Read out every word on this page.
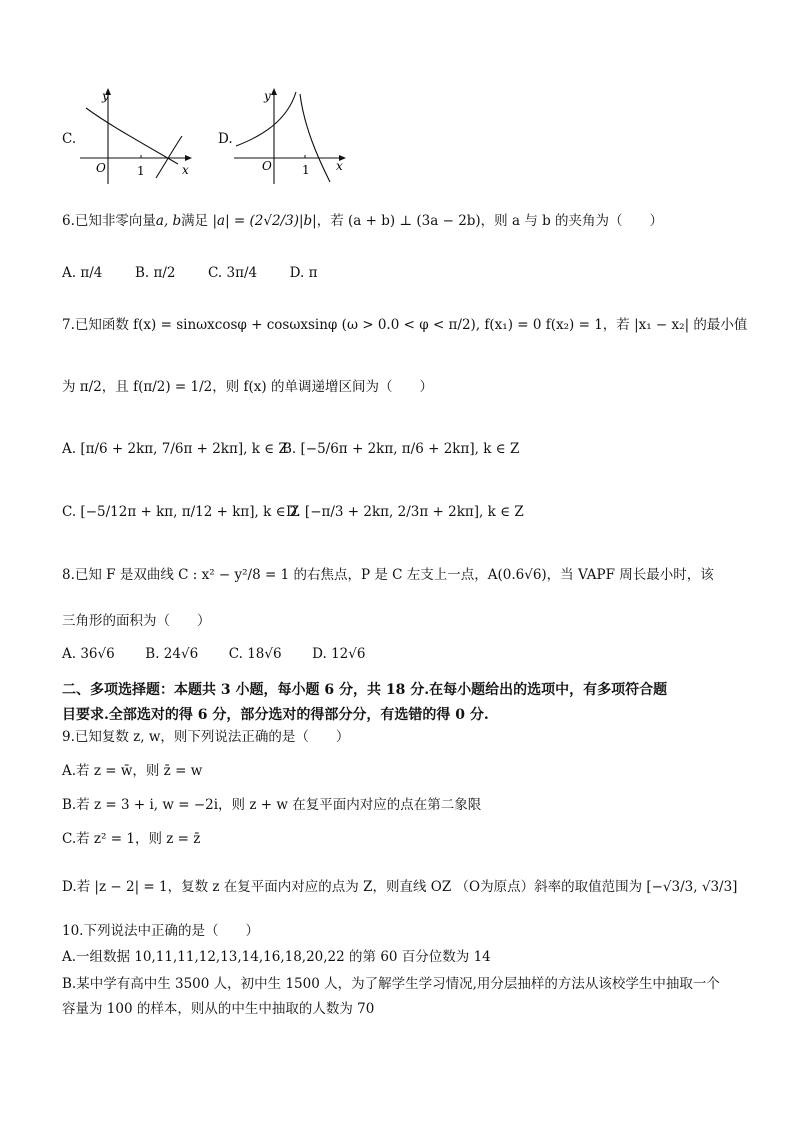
C.
y
x
O	1
D.
y
x
O	1
6.已知非零向量a, b满足 |a| = (2√2/3)|b|，若 (a + b) ⊥ (3a − 2b)，则 a 与 b 的夹角为（　　）
A. π/4 B. π/2 C. 3π/4 D. π
7.已知函数 f(x) = sinωxcosφ + cosωxsinφ (ω > 0.0 < φ < π/2), f(x₁) = 0 f(x₂) = 1，若 |x₁ − x₂| 的最小值
为 π/2，且 f(π/2) = 1/2，则 f(x) 的单调递增区间为（　　）
A. [π/6 + 2kπ, 7/6π + 2kπ], k ∈ Z
B. [−5/6π + 2kπ, π/6 + 2kπ], k ∈ Z
C. [−5/12π + kπ, π/12 + kπ], k ∈ Z
D. [−π/3 + 2kπ, 2/3π + 2kπ], k ∈ Z
8.已知 F 是双曲线 C : x² − y²/8 = 1 的右焦点，P 是 C 左支上一点，A(0.6√6)，当 VAPF 周长最小时，该
三角形的面积为（　　）
A. 36√6 B. 24√6 C. 18√6 D. 12√6
二、多项选择题：本题共 3 小题，每小题 6 分，共 18 分.在每小题给出的选项中，有多项符合题
目要求.全部选对的得 6 分，部分选对的得部分分，有选错的得 0 分.
9.已知复数 z, w，则下列说法正确的是（　　）
A.若 z = w̄，则 z̄ = w
B.若 z = 3 + i, w = −2i，则 z + w 在复平面内对应的点在第二象限
C.若 z² = 1，则 z = z̄
D.若 |z − 2| = 1，复数 z 在复平面内对应的点为 Z，则直线 OZ （O为原点）斜率的取值范围为 [−√3/3, √3/3]
10.下列说法中正确的是（　　）
A.一组数据 10,11,11,12,13,14,16,18,20,22 的第 60 百分位数为 14
B.某中学有高中生 3500 人，初中生 1500 人，为了解学生学习情况,用分层抽样的方法从该校学生中抽取一个
容量为 100 的样本，则从的中生中抽取的人数为 70
